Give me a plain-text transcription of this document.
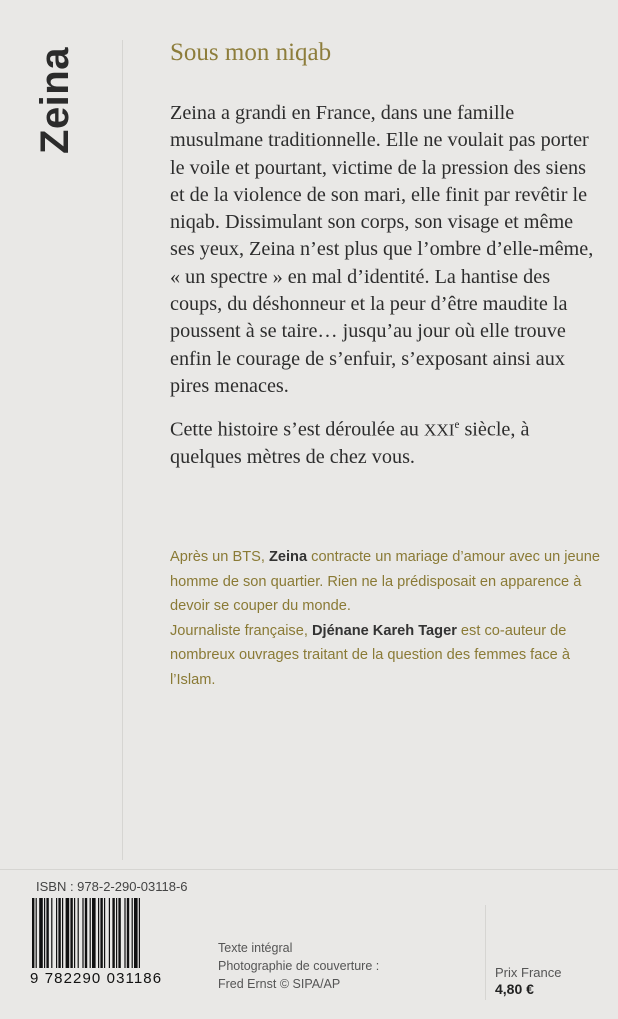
Zeina	Sous mon niqab

Zeina a grandi en France, dans une famille musulmane traditionnelle. Elle ne voulait pas porter le voile et pourtant, victime de la pression des siens et de la violence de son mari, elle finit par revêtir le niqab. Dissimulant son corps, son visage et même ses yeux, Zeina n’est plus que l’ombre d’elle-même, « un spectre » en mal d’identité. La hantise des coups, du déshonneur et la peur d’être maudite la poussent à se taire… jusqu’au jour où elle trouve enfin le courage de s’enfuir, s’exposant ainsi aux pires menaces.

Cette histoire s’est déroulée au XXIe siècle, à quelques mètres de chez vous.

Après un BTS, Zeina contracte un mariage d’amour avec un jeune homme de son quartier. Rien ne la prédisposait en apparence à devoir se couper du monde.

Journaliste française, Djénane Kareh Tager est co-auteur de nombreux ouvrages traitant de la question des femmes face à l’Islam.

ISBN : 978-2-290-03118-6
9 782290 031186
Texte intégral
Photographie de couverture :
Fred Ernst © SIPA/AP
Prix France
4,80 €
